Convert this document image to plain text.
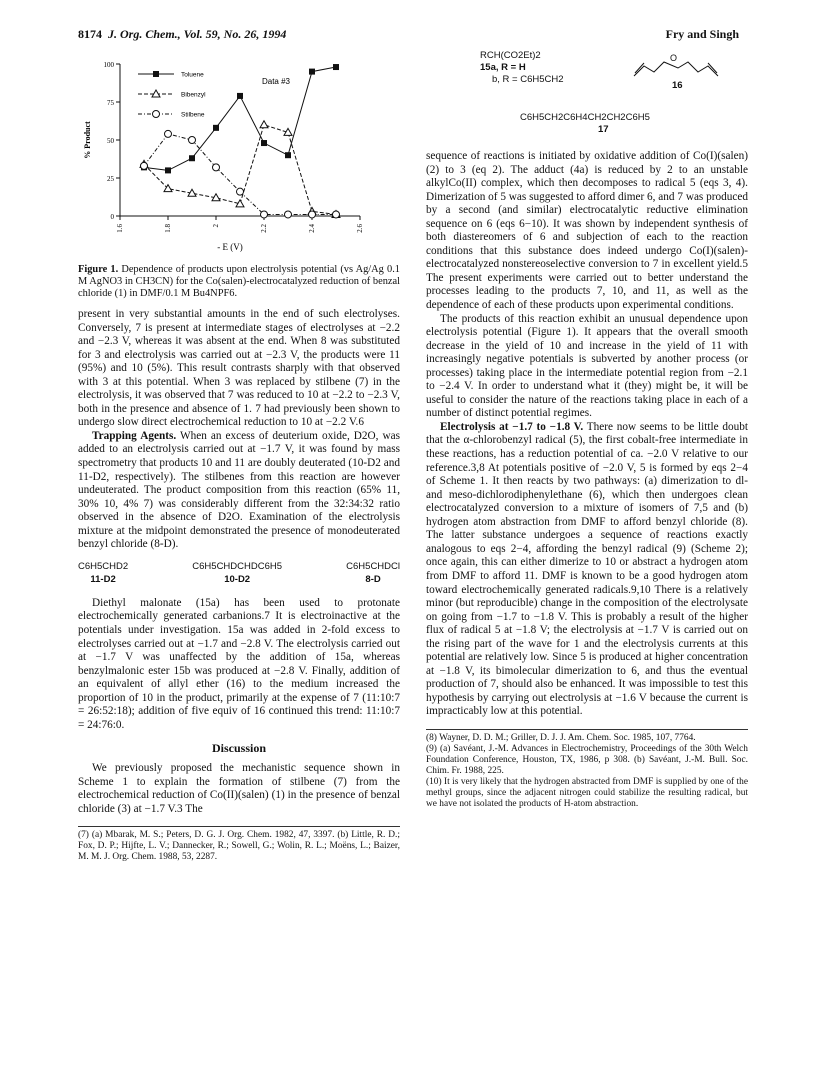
8174 J. Org. Chem., Vol. 59, No. 26, 1994	Fry and Singh
0
25
50
75
100
1.6	1.8	2	2.2	2.4	2.6
% Product
- E (V)
Data #3
Toluene
Bibenzyl
Stilbene
RCH(CO2Et)2
15a, R = H
b, R = C6H5CH2
O
16
C6H5CH2C6H4CH2CH2C6H5
17
Figure 1. Dependence of products upon electrolysis potential (vs Ag/Ag 0.1 M AgNO3 in CH3CN) for the Co(salen)-electrocatalyzed reduction of benzal chloride (1) in DMF/0.1 M Bu4NPF6.

present in very substantial amounts in the end of such electrolyses. Conversely, 7 is present at intermediate stages of electrolyses at −2.2 and −2.3 V, whereas it was absent at the end. When 8 was substituted for 3 and electrolysis was carried out at −2.3 V, the products were 11 (95%) and 10 (5%). This result contrasts sharply with that observed with 3 at this potential. When 3 was replaced by stilbene (7) in the electrolysis, it was observed that 7 was reduced to 10 at −2.2 to −2.3 V, both in the presence and absence of 1. 7 had previously been shown to undergo slow direct electrochemical reduction to 10 at −2.2 V.6

Trapping Agents. When an excess of deuterium oxide, D2O, was added to an electrolysis carried out at −1.7 V, it was found by mass spectrometry that products 10 and 11 are doubly deuterated (10-D2 and 11-D2, respectively). The stilbenes from this reaction are however undeuterated. The product composition from this reaction (65% 11, 30% 10, 4% 7) was considerably different from the 32:34:32 ratio observed in the absence of D2O. Examination of the electrolysis mixture at the midpoint demonstrated the presence of monodeuterated benzyl chloride (8-D).

C6H5CHD2
11-D2
C6H5CHDCHDC6H5
10-D2
C6H5CHDCl
8-D

Diethyl malonate (15a) has been used to protonate electrochemically generated carbanions.7 It is electroinactive at the potentials under investigation. 15a was added in 2-fold excess to electrolyses carried out at −1.7 and −2.8 V. The electrolysis carried out at −1.7 V was unaffected by the addition of 15a, whereas benzylmalonic ester 15b was produced at −2.8 V. Finally, addition of an equivalent of allyl ether (16) to the medium increased the proportion of 10 in the product, primarily at the expense of 7 (11:10:7 = 26:52:18); addition of five equiv of 16 continued this trend: 11:10:7 = 24:76:0.

Discussion

We previously proposed the mechanistic sequence shown in Scheme 1 to explain the formation of stilbene (7) from the electrochemical reduction of Co(II)(salen) (1) in the presence of benzal chloride (3) at −1.7 V.3 The

(7) (a) Mbarak, M. S.; Peters, D. G. J. Org. Chem. 1982, 47, 3397. (b) Little, R. D.; Fox, D. P.; Hijfte, L. V.; Dannecker, R.; Sowell, G.; Wolin, R. L.; Moëns, L.; Baizer, M. M. J. Org. Chem. 1988, 53, 2287.

sequence of reactions is initiated by oxidative addition of Co(I)(salen) (2) to 3 (eq 2). The adduct (4a) is reduced by 2 to an unstable alkylCo(II) complex, which then decomposes to radical 5 (eqs 3, 4). Dimerization of 5 was suggested to afford dimer 6, and 7 was produced by a second (and similar) electrocatalytic reductive elimination sequence on 6 (eqs 6−10). It was shown by independent synthesis of both diastereomers of 6 and subjection of each to the reaction conditions that this substance does indeed undergo Co(I)(salen)-electrocatalyzed nonstereoselective conversion to 7 in excellent yield.5 The present experiments were carried out to better understand the processes leading to the products 7, 10, and 11, as well as the dependence of each of these products upon experimental conditions.

The products of this reaction exhibit an unusual dependence upon electrolysis potential (Figure 1). It appears that the overall smooth decrease in the yield of 10 and increase in the yield of 11 with increasingly negative potentials is subverted by another process (or processes) taking place in the intermediate potential region from −2.1 to −2.4 V. In order to understand what it (they) might be, it will be useful to consider the nature of the reactions taking place in each of a number of distinct potential regimes.

Electrolysis at −1.7 to −1.8 V. There now seems to be little doubt that the α-chlorobenzyl radical (5), the first cobalt-free intermediate in these reactions, has a reduction potential of ca. −2.0 V relative to our reference.3,8 At potentials positive of −2.0 V, 5 is formed by eqs 2−4 of Scheme 1. It then reacts by two pathways: (a) dimerization to dl- and meso-dichlorodiphenylethane (6), which then undergoes clean electrocatalyzed conversion to a mixture of isomers of 7,5 and (b) hydrogen atom abstraction from DMF to afford benzyl chloride (8). The latter substance undergoes a sequence of reactions exactly analogous to eqs 2−4, affording the benzyl radical (9) (Scheme 2); once again, this can either dimerize to 10 or abstract a hydrogen atom from DMF to afford 11. DMF is known to be a good hydrogen atom toward electrochemically generated radicals.9,10 There is a relatively minor (but reproducible) change in the composition of the electrolysate on going from −1.7 to −1.8 V. This is probably a result of the higher flux of radical 5 at −1.8 V; the electrolysis at −1.7 V is carried out on the rising part of the wave for 1 and the electrolysis currents at this potential are relatively low. Since 5 is produced at higher concentration at −1.8 V, its bimolecular dimerization to 6, and thus the eventual production of 7, should also be enhanced. It was impossible to test this hypothesis by carrying out electrolysis at −1.6 V because the current is impracticably low at this potential.

(8) Wayner, D. D. M.; Griller, D. J. J. Am. Chem. Soc. 1985, 107, 7764.

(9) (a) Savéant, J.-M. Advances in Electrochemistry, Proceedings of the 30th Welch Foundation Conference, Houston, TX, 1986, p 308. (b) Savéant, J.-M. Bull. Soc. Chim. Fr. 1988, 225.

(10) It is very likely that the hydrogen abstracted from DMF is supplied by one of the methyl groups, since the adjacent nitrogen could stabilize the resulting radical, but we have not isolated the products of H-atom abstraction.
